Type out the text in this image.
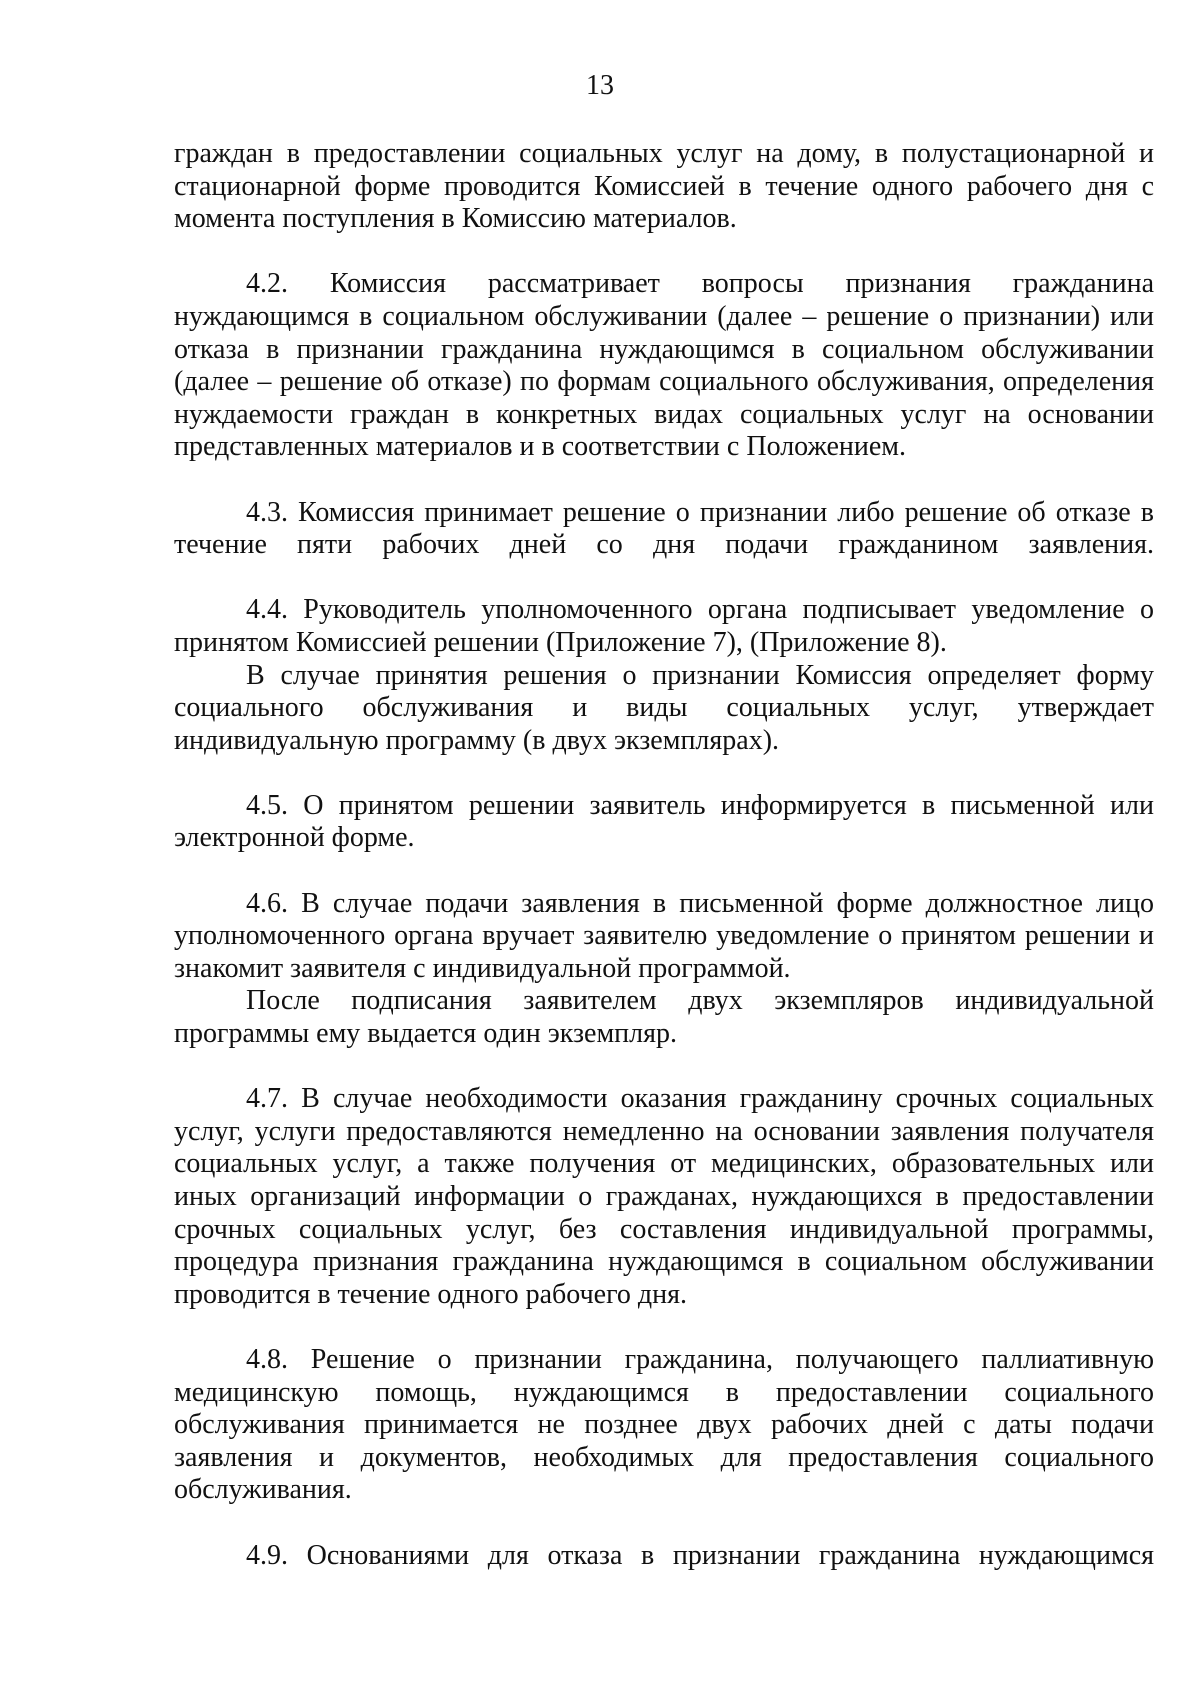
13

граждан в предоставлении социальных услуг на дому, в полустационарной и стационарной форме проводится Комиссией в течение одного рабочего дня с момента поступления в Комиссию материалов.

4.2. Комиссия рассматривает вопросы признания гражданина нуждающимся в социальном обслуживании (далее – решение о признании) или отказа в признании гражданина нуждающимся в социальном обслуживании (далее – решение об отказе) по формам социального обслуживания, определения нуждаемости граждан в конкретных видах социальных услуг на основании представленных материалов и в соответствии с Положением.

4.3. Комиссия принимает решение о признании либо решение об отказе в течение пяти рабочих дней со дня подачи гражданином заявления.

4.4. Руководитель уполномоченного органа подписывает уведомление о принятом Комиссией решении (Приложение 7), (Приложение 8).

В случае принятия решения о признании Комиссия определяет форму социального обслуживания и виды социальных услуг, утверждает индивидуальную программу (в двух экземплярах).

4.5. О принятом решении заявитель информируется в письменной или электронной форме.

4.6. В случае подачи заявления в письменной форме должностное лицо уполномоченного органа вручает заявителю уведомление о принятом решении и знакомит заявителя с индивидуальной программой.

После подписания заявителем двух экземпляров индивидуальной программы ему выдается один экземпляр.

4.7. В случае необходимости оказания гражданину срочных социальных услуг, услуги предоставляются немедленно на основании заявления получателя социальных услуг, а также получения от медицинских, образовательных или иных организаций информации о гражданах, нуждающихся в предоставлении срочных социальных услуг, без составления индивидуальной программы, процедура признания гражданина нуждающимся в социальном обслуживании проводится в течение одного рабочего дня.

4.8. Решение о признании гражданина, получающего паллиативную медицинскую помощь, нуждающимся в предоставлении социального обслуживания принимается не позднее двух рабочих дней с даты подачи заявления и документов, необходимых для предоставления социального обслуживания.

4.9. Основаниями для отказа в признании гражданина нуждающимся
